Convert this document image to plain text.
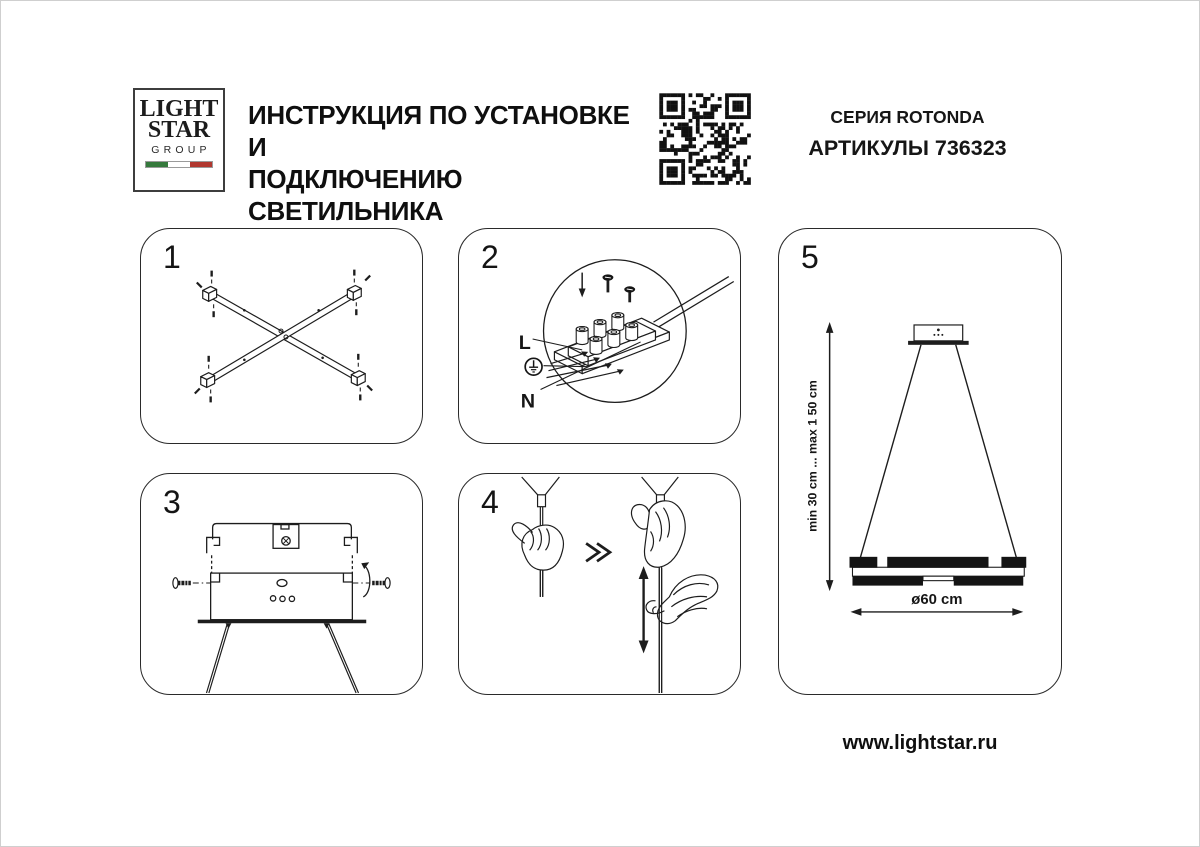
LIGHT
STAR
GROUP
ИНСТРУКЦИЯ ПО УСТАНОВКЕ И
ПОДКЛЮЧЕНИЮ СВЕТИЛЬНИКА
СЕРИЯ ROTONDA
АРТИКУЛЫ 736323
1
L
N
2
3	4	min 30 cm ... max 1 50 cm
ø60 cm
5
www.lightstar.ru
